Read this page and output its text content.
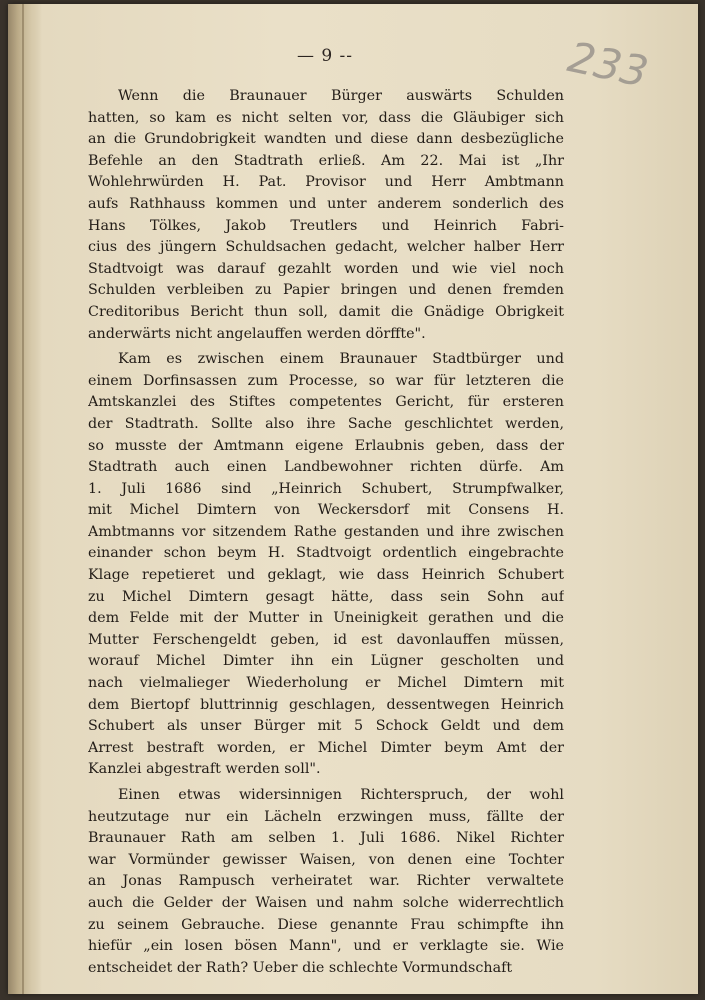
— 9 --	233
Wenn die Braunauer Bürger auswärts Schulden
hatten, so kam es nicht selten vor, dass die Gläubiger sich
an die Grundobrigkeit wandten und diese dann desbezügliche
Befehle an den Stadtrath erließ. Am 22. Mai ist „Ihr
Wohlehrwürden H. Pat. Provisor und Herr Ambtmann
aufs Rathhauss kommen und unter anderem sonderlich des
Hans Tölkes, Jakob Treutlers und Heinrich Fabri-
cius des jüngern Schuldsachen gedacht, welcher halber Herr
Stadtvoigt was darauf gezahlt worden und wie viel noch
Schulden verbleiben zu Papier bringen und denen fremden
Creditoribus Bericht thun soll, damit die Gnädige Obrigkeit
anderwärts nicht angelauffen werden dörffte".
Kam es zwischen einem Braunauer Stadtbürger und
einem Dorfinsassen zum Processe, so war für letzteren die
Amtskanzlei des Stiftes competentes Gericht, für ersteren
der Stadtrath. Sollte also ihre Sache geschlichtet werden,
so musste der Amtmann eigene Erlaubnis geben, dass der
Stadtrath auch einen Landbewohner richten dürfe. Am
1. Juli 1686 sind „Heinrich Schubert, Strumpfwalker,
mit Michel Dimtern von Weckersdorf mit Consens H.
Ambtmanns vor sitzendem Rathe gestanden und ihre zwischen
einander schon beym H. Stadtvoigt ordentlich eingebrachte
Klage repetieret und geklagt, wie dass Heinrich Schubert
zu Michel Dimtern gesagt hätte, dass sein Sohn auf
dem Felde mit der Mutter in Uneinigkeit gerathen und die
Mutter Ferschengeldt geben, id est davonlauffen müssen,
worauf Michel Dimter ihn ein Lügner gescholten und
nach vielmalieger Wiederholung er Michel Dimtern mit
dem Biertopf bluttrinnig geschlagen, dessentwegen Heinrich
Schubert als unser Bürger mit 5 Schock Geldt und dem
Arrest bestraft worden, er Michel Dimter beym Amt der
Kanzlei abgestraft werden soll".
Einen etwas widersinnigen Richterspruch, der wohl
heutzutage nur ein Lächeln erzwingen muss, fällte der
Braunauer Rath am selben 1. Juli 1686. Nikel Richter
war Vormünder gewisser Waisen, von denen eine Tochter
an Jonas Rampusch verheiratet war. Richter verwaltete
auch die Gelder der Waisen und nahm solche widerrechtlich
zu seinem Gebrauche. Diese genannte Frau schimpfte ihn
hiefür „ein losen bösen Mann", und er verklagte sie. Wie
entscheidet der Rath? Ueber die schlechte Vormundschaft
